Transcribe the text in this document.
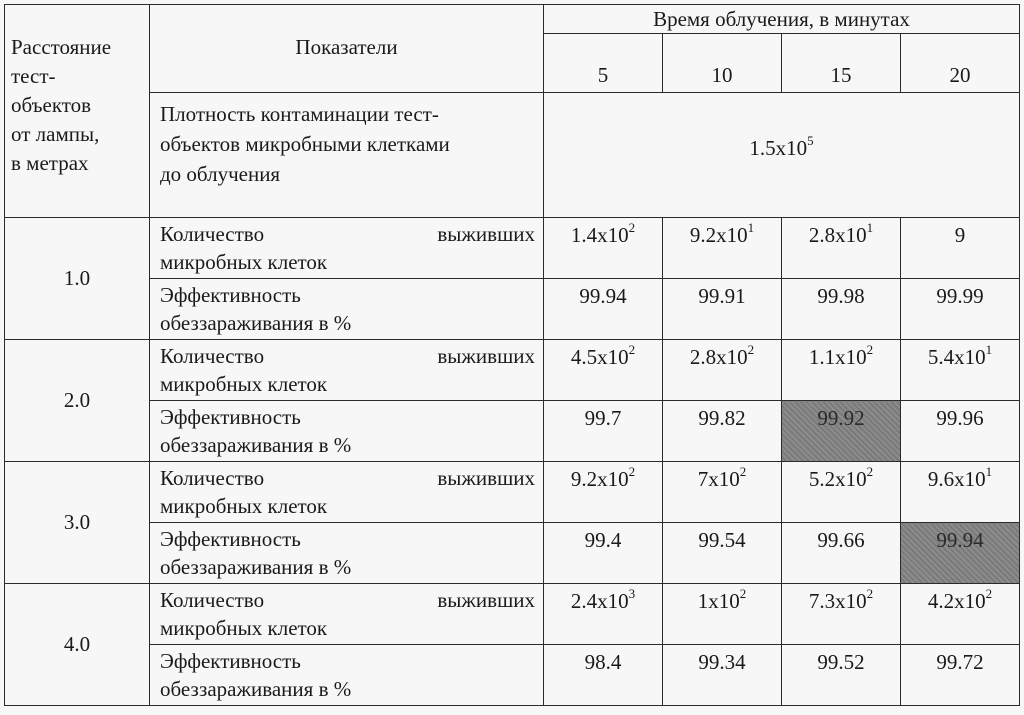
Расстояние
тест-
объектов
от лампы,
в метрах	Показатели	Время облучения, в минутах			
		5	10	15	20
	Плотность контаминации тест-
объектов микробными клетками
до облучения	$1.5x10^5$
1.0	Количество выживших
микробных клеток	$1.4x10^2$	$9.2x10^1$	$2.8x10^1$	9
	Эффективность
обеззараживания в %	99.94	99.91	99.98	99.99
2.0	Количество выживших
микробных клеток	$4.5x10^2$	$2.8x10^2$	$1.1x10^2$	$5.4x10^1$
	Эффективность
обеззараживания в %	99.7	99.82	99.92	99.96
3.0	Количество выживших
микробных клеток	$9.2x10^2$	$7x10^2$	$5.2x10^2$	$9.6x10^1$
	Эффективность
обеззараживания в %	99.4	99.54	99.66	99.94
4.0	Количество выживших
микробных клеток	$2.4x10^3$	$1x10^2$	$7.3x10^2$	$4.2x10^2$
	Эффективность
обеззараживания в %	98.4	99.34	99.52	99.72
